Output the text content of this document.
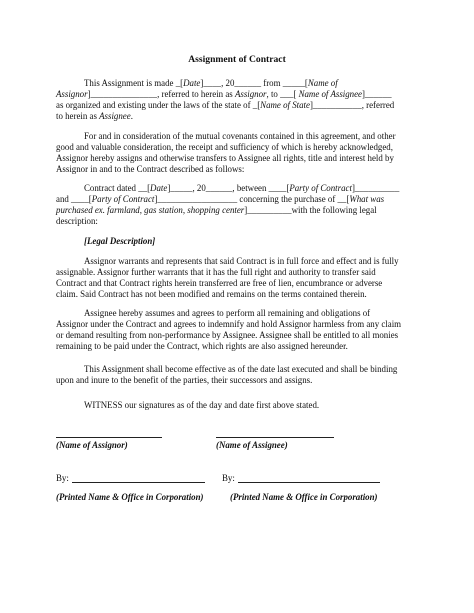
Assignment of Contract
This Assignment is made _[Date]____, 20______ from _____[Name of
Assignor]_______________, referred to herein as Assignor, to ___[ Name of Assignee]______
as organized and existing under the laws of the state of _[Name of State]___________, referred
to herein as Assignee.
For and in consideration of the mutual covenants contained in this agreement, and other
good and valuable consideration, the receipt and sufficiency of which is hereby acknowledged,
Assignor hereby assigns and otherwise transfers to Assignee all rights, title and interest held by
Assignor in and to the Contract described as follows:
Contract dated __[Date]_____, 20______, between ____[Party of Contract]__________
and ____[Party of Contract]__________________ concerning the purchase of __[What was
purchased ex. farmland, gas station, shopping center]__________with the following legal
description:
[Legal Description]
Assignor warrants and represents that said Contract is in full force and effect and is fully
assignable. Assignor further warrants that it has the full right and authority to transfer said
Contract and that Contract rights herein transferred are free of lien, encumbrance or adverse
claim. Said Contract has not been modified and remains on the terms contained therein.
Assignee hereby assumes and agrees to perform all remaining and obligations of
Assignor under the Contract and agrees to indemnify and hold Assignor harmless from any claim
or demand resulting from non-performance by Assignee. Assignee shall be entitled to all monies
remaining to be paid under the Contract, which rights are also assigned hereunder.
This Assignment shall become effective as of the date last executed and shall be binding
upon and inure to the benefit of the parties, their successors and assigns.
WITNESS our signatures as of the day and date first above stated.
(Name of Assignor)	(Name of Assignee)
By:	By:
(Printed Name & Office in Corporation)	(Printed Name & Office in Corporation)
